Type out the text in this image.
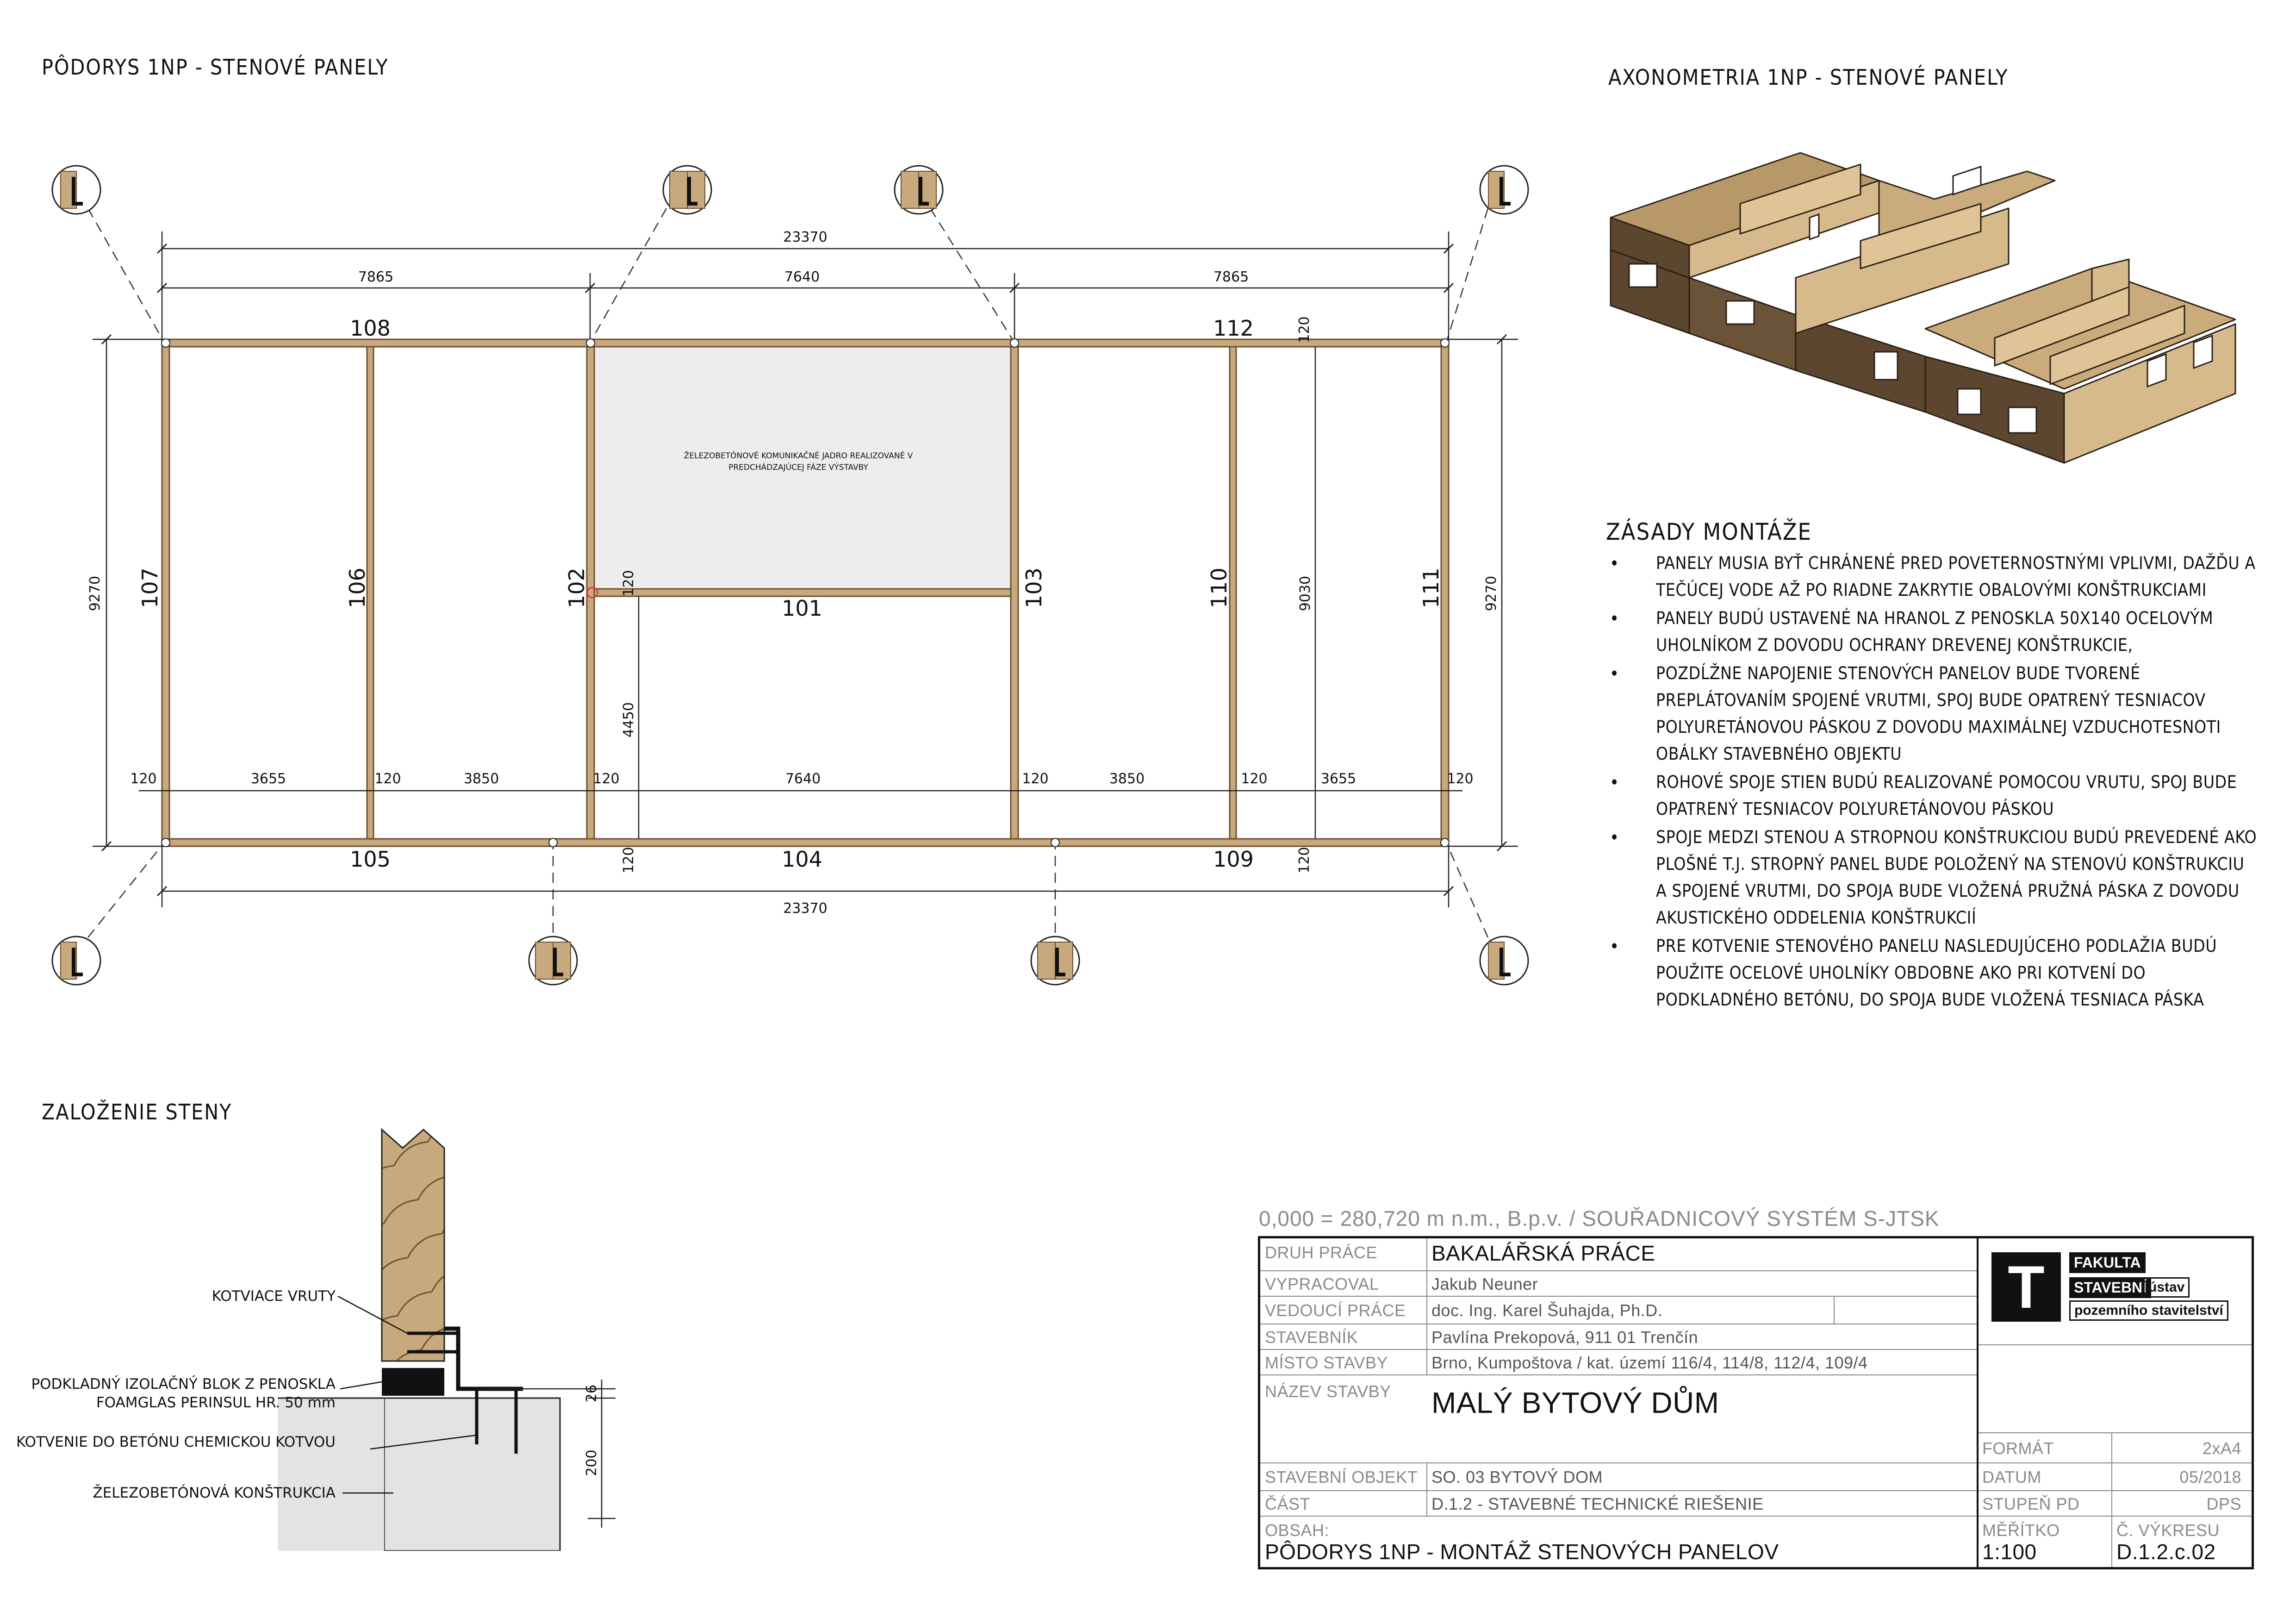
PÔDORYS 1NP - STENOVÉ PANELY
23370
7865	7640	7865
23370
120	3655	120	3850	120	7640	120	3850	120	3655	120
9270	9270
9030
4450
120
120
120	120
108	112
101
105	104	109
107	106	102	103	110	111
ŽELEZOBETÓNOVÉ KOMUNIKAČNÉ JADRO REALIZOVANÉ V
PREDCHÁDZAJÚCEJ FÁZE VÝSTAVBY
AXONOMETRIA 1NP - STENOVÉ PANELY
ZÁSADY MONTÁŽE
• PANELY MUSIA BYŤ CHRÁNENÉ PRED POVETERNOSTNÝMI VPLIVMI, DAŽĎU A TEČÚCEJ VODE AŽ PO RIADNE ZAKRYTIE OBALOVÝMI KONŠTRUKCIAMI
• PANELY BUDÚ USTAVENÉ NA HRANOL Z PENOSKLA 50X140 OCELOVÝM UHOLNÍKOM Z DOVODU OCHRANY DREVENEJ KONŠTRUKCIE,
• POZDĹŽNE NAPOJENIE STENOVÝCH PANELOV BUDE TVORENÉ PREPLÁTOVANÍM SPOJENÉ VRUTMI, SPOJ BUDE OPATRENÝ TESNIACOV POLYURETÁNOVOU PÁSKOU Z DOVODU MAXIMÁLNEJ VZDUCHOTESNOTI OBÁLKY STAVEBNÉHO OBJEKTU
• ROHOVÉ SPOJE STIEN BUDÚ REALIZOVANÉ POMOCOU VRUTU, SPOJ BUDE OPATRENÝ TESNIACOV POLYURETÁNOVOU PÁSKOU
• SPOJE MEDZI STENOU A STROPNOU KONŠTRUKCIOU BUDÚ PREVEDENÉ AKO PLOŠNÉ T.J. STROPNÝ PANEL BUDE POLOŽENÝ NA STENOVÚ KONŠTRUKCIU A SPOJENÉ VRUTMI, DO SPOJA BUDE VLOŽENÁ PRUŽNÁ PÁSKA Z DOVODU AKUSTICKÉHO ODDELENIA KONŠTRUKCIÍ
• PRE KOTVENIE STENOVÉHO PANELU NASLEDUJÚCEHO PODLAŽIA BUDÚ POUŽITE OCELOVÉ UHOLNÍKY OBDOBNE AKO PRI KOTVENÍ DO PODKLADNÉHO BETÓNU, DO SPOJA BUDE VLOŽENÁ TESNIACA PÁSKA
ZALOŽENIE STENY
26
200
KOTVIACE VRUTY
PODKLADNÝ IZOLAČNÝ BLOK Z PENOSKLA
FOAMGLAS PERINSUL HR. 50 mm
KOTVENIE DO BETÓNU CHEMICKOU KOTVOU
ŽELEZOBETÓNOVÁ KONŠTRUKCIA
0,000 = 280,720 m n.m., B.p.v. / SOUŘADNICOVÝ SYSTÉM S-JTSK
DRUH PRÁCE	BAKALÁŘSKÁ PRÁCE
VYPRACOVAL	Jakub Neuner
VEDOUCÍ PRÁCE doc. Ing. Karel Šuhajda, Ph.D.
STAVEBNÍK	Pavlína Prekopová, 911 01 Trenčín
MÍSTO STAVBY	Brno, Kumpoštova / kat. území 116/4, 114/8, 112/4, 109/4
NÁZEV STAVBY MALÝ BYTOVÝ DŮM
STAVEBNÍ OBJEKT SO. 03 BYTOVÝ DOM
ČÁST	D.1.2 - STAVEBNÉ TECHNICKÉ RIEŠENIE
OBSAH:
PÔDORYS 1NP - MONTÁŽ STENOVÝCH PANELOV
FORMÁT	2xA4
DATUM	05/2018
STUPEŇ PD	DPS
MĚŘÍTKO
1:100
Č. VÝKRESU
D.1.2.c.02
T	FAKULTA
STAVEBNÍ ústav
pozemního stavitelství
